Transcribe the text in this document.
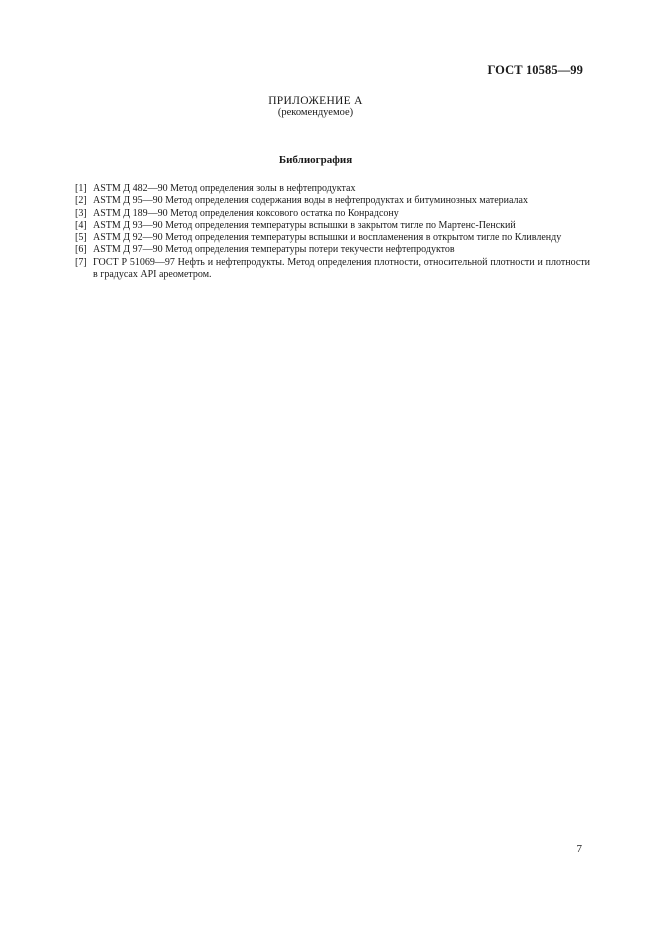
ГОСТ 10585—99
ПРИЛОЖЕНИЕ А
(рекомендуемое)
Библиография
[1] ASTM Д 482—90 Метод определения золы в нефтепродуктах
[2] ASTM Д 95—90 Метод определения содержания воды в нефтепродуктах и битуминозных материалах
[3] ASTM Д 189—90 Метод определения коксового остатка по Конрадсону
[4] ASTM Д 93—90 Метод определения температуры вспышки в закрытом тигле по Мартенс-Пенский
[5] ASTM Д 92—90 Метод определения температуры вспышки и воспламенения в открытом тигле по Кливленду
[6] ASTM Д 97—90 Метод определения температуры потери текучести нефтепродуктов
[7] ГОСТ Р 51069—97 Нефть и нефтепродукты. Метод определения плотности, относительной плотности и плотности в градусах API ареометром.
7
